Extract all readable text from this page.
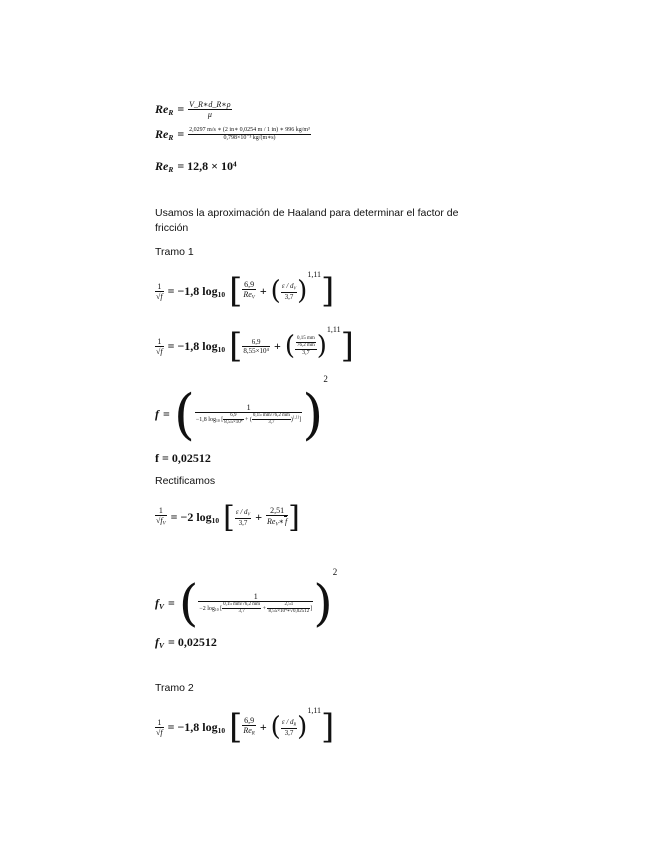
$Re_R = \frac{V\_R∗d\_R∗\rho}{\mu}$
$Re_R = \frac{\text{2,0297 m/s ∗ (2 in∗ 0,0254 m / 1 in) ∗ 996 kg/m³}}{\text{0,798×10⁻³ kg/(m∗s)}}$
$Re_R = 12,8 \times 10^4$
Usamos la aproximación de Haaland para determinar el factor de fricción
Tramo 1
$\frac{1}{√f} = -1,8$ $\log_{10}$ [ $\frac{6,9}{Re_V}$ + ( $\frac{\varepsilon / d_V}{3,7} )^{1,11}$]
$\frac{1}{√f} = -1,8$ $\log_{10}$ [ $\frac{6,9}{\text{8,55×10⁴}}$ + ( $\frac{\frac{0,15 mm}{76,2 mm}}{3,7} )^{1,11}$]
f = ( $\frac{1}{-1,8 \log_{10} [ \frac{6,9}{\text{8,55×10⁴}} + ( \frac{0,15 mm/76,2 mm}{3,7} )^{1,11}]} )^2$
f = 0,02512
Rectificamos
$\frac{1}{√f_V} = -2$ $\log_{10}$ [ $\frac{\varepsilon / d_V}{3,7} + \frac{2,51}{Re_V∗f}$ ]
$f_V$ = ( $\frac{1}{-2 \log_{10} [ \frac{0,15 mm/76,2 mm}{3,7} + \frac{2,51}{\text{8,55×10⁴∗√0,02512}} ]} )^2$
$f_V = 0,02512$
Tramo 2
$\frac{1}{√f} = -1,8$ $\log_{10}$ [ $\frac{6,9}{Re_R}$ + ( $\frac{\varepsilon / d_R}{3,7} )^{1,11}$]
